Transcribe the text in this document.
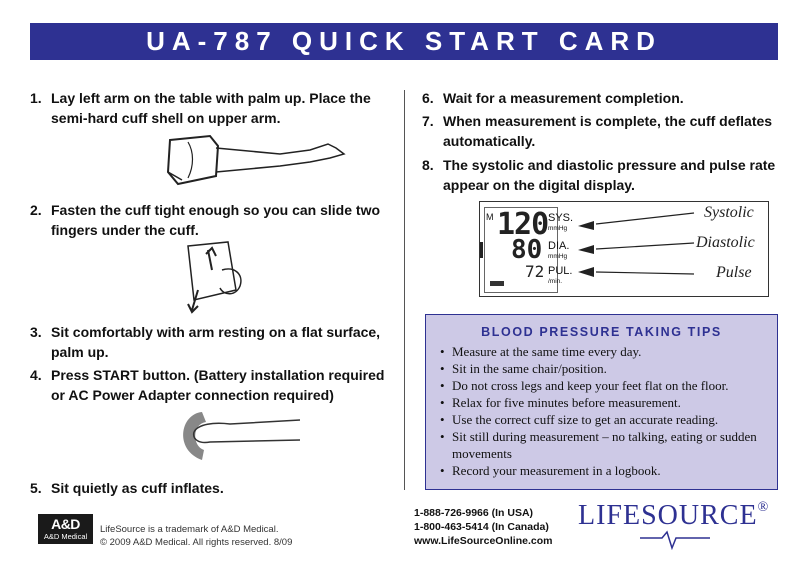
UA-787 QUICK START CARD
1. Lay left arm on the table with palm up. Place the semi-hard cuff shell on upper arm.
2. Fasten the cuff tight enough so you can slide two fingers under the cuff.
3. Sit comfortably with arm resting on a flat surface, palm up.
4. Press START button. (Battery installation required or AC Power Adapter connection required)
5. Sit quietly as cuff inflates.
6. Wait for a measurement completion.
7. When measurement is complete, the cuff deflates automatically.
8. The systolic and diastolic pressure and pulse rate appear on the digital display.
M 120
80
72
SYS.
mmHg
DIA.
mmHg
PUL.
/min.
Systolic
Diastolic
Pulse
BLOOD PRESSURE TAKING TIPS
• Measure at the same time every day.
• Sit in the same chair/position.
• Do not cross legs and keep your feet flat on the floor.
• Relax for five minutes before measurement.
• Use the correct cuff size to get an accurate reading.
• Sit still during measurement – no talking, eating or sudden movements
• Record your measurement in a logbook.
A&D
A&D Medical
LifeSource is a trademark of A&D Medical.
© 2009 A&D Medical. All rights reserved. 8/09
1-888-726-9966 (In USA)
1-800-463-5414 (In Canada)
www.LifeSourceOnline.com
LIFESOURCE®
